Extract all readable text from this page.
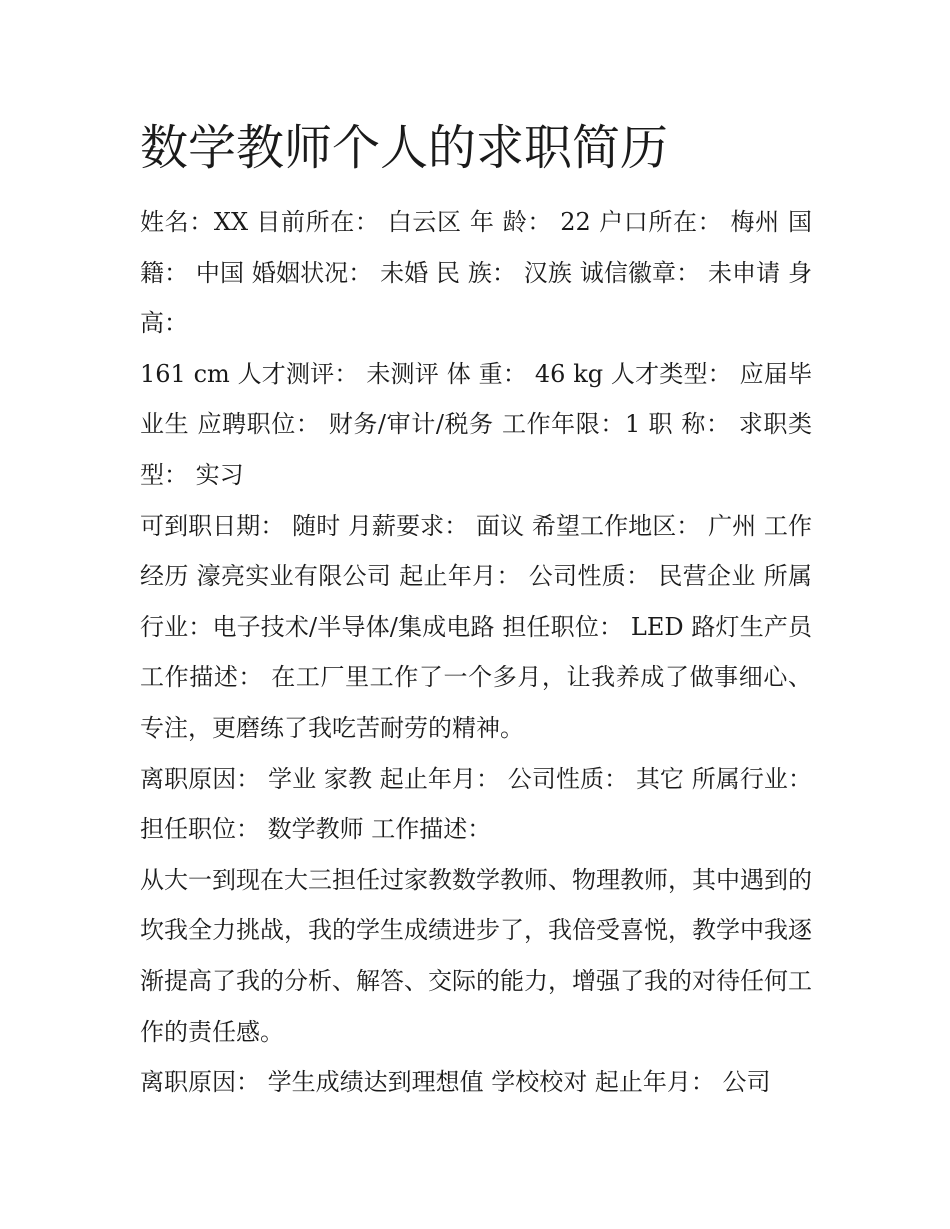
数学教师个人的求职简历

姓名：XX 目前所在： 白云区 年 龄： 22 户口所在： 梅州 国籍： 中国 婚姻状况： 未婚 民 族： 汉族 诚信徽章： 未申请 身 高：

161 cm 人才测评： 未测评 体 重： 46 kg 人才类型： 应届毕业生 应聘职位： 财务/审计/税务 工作年限：1 职 称： 求职类型： 实习

可到职日期： 随时 月薪要求： 面议 希望工作地区： 广州 工作经历 濠亮实业有限公司 起止年月： 公司性质： 民营企业 所属行业：电子技术/半导体/集成电路 担任职位： LED 路灯生产员 工作描述： 在工厂里工作了一个多月，让我养成了做事细心、专注，更磨练了我吃苦耐劳的精神。

离职原因： 学业 家教 起止年月： 公司性质： 其它 所属行业： 担任职位： 数学教师 工作描述：

从大一到现在大三担任过家教数学教师、物理教师，其中遇到的坎我全力挑战，我的学生成绩进步了，我倍受喜悦，教学中我逐渐提高了我的分析、解答、交际的能力，增强了我的对待任何工作的责任感。

离职原因： 学生成绩达到理想值 学校校对 起止年月： 公司
